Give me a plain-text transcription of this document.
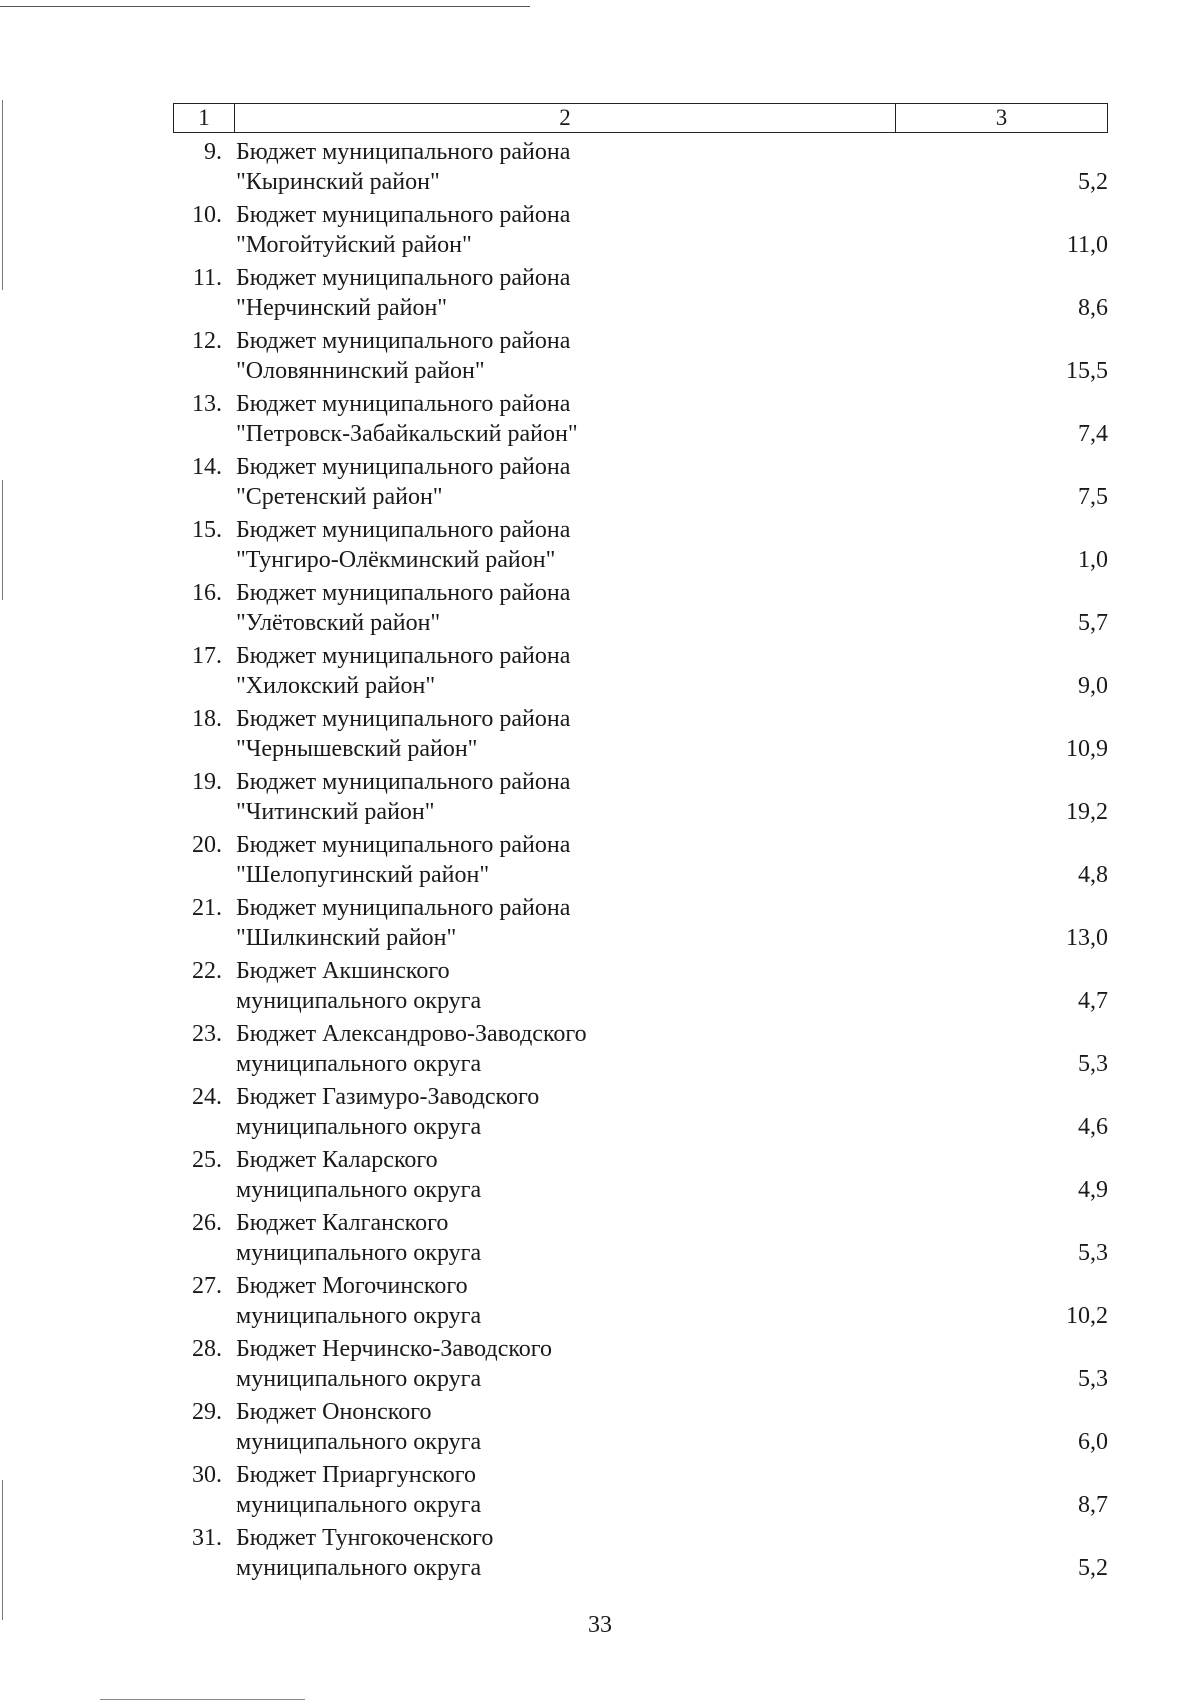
1	2	3
9. Бюджет муниципального района
"Кыринский район"	5,2
10. Бюджет муниципального района
"Могойтуйский район"	11,0
11. Бюджет муниципального района
"Нерчинский район"	8,6
12. Бюджет муниципального района
"Оловяннинский район"	15,5
13. Бюджет муниципального района
"Петровск-Забайкальский район"	7,4
14. Бюджет муниципального района
"Сретенский район"	7,5
15. Бюджет муниципального района
"Тунгиро-Олёкминский район"	1,0
16. Бюджет муниципального района
"Улётовский район"	5,7
17. Бюджет муниципального района
"Хилокский район"	9,0
18. Бюджет муниципального района
"Чернышевский район"	10,9
19. Бюджет муниципального района
"Читинский район"	19,2
20. Бюджет муниципального района
"Шелопугинский район"	4,8
21. Бюджет муниципального района
"Шилкинский район"	13,0
22. Бюджет Акшинского
муниципального округа	4,7
23. Бюджет Александрово-Заводского
муниципального округа	5,3
24. Бюджет Газимуро-Заводского
муниципального округа	4,6
25. Бюджет Каларского
муниципального округа	4,9
26. Бюджет Калганского
муниципального округа	5,3
27. Бюджет Могочинского
муниципального округа	10,2
28. Бюджет Нерчинско-Заводского
муниципального округа	5,3
29. Бюджет Ононского
муниципального округа	6,0
30. Бюджет Приаргунского
муниципального округа	8,7
31. Бюджет Тунгокоченского
муниципального округа	5,2
33
